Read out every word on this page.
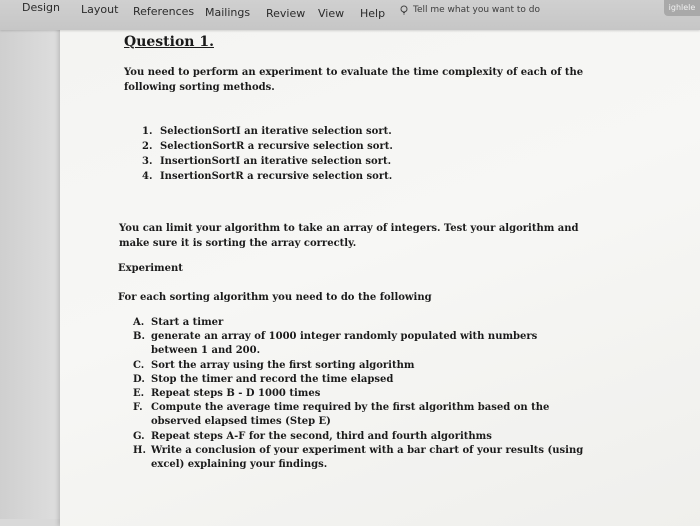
Question 1.
You need to perform an experiment to evaluate the time complexity of each of the
following sorting methods.
1. SelectionSortI an iterative selection sort.
2. SelectionSortR a recursive selection sort.
3. InsertionSortI an iterative selection sort.
4. InsertionSortR a recursive selection sort.
You can limit your algorithm to take an array of integers. Test your algorithm and
make sure it is sorting the array correctly.
Experiment
For each sorting algorithm you need to do the following
A. Start a timer
B. generate an array of 1000 integer randomly populated with numbers
between 1 and 200.
C. Sort the array using the first sorting algorithm
D. Stop the timer and record the time elapsed
E. Repeat steps B - D 1000 times
F. Compute the average time required by the first algorithm based on the
observed elapsed times (Step E)
G. Repeat steps A-F for the second, third and fourth algorithms
H. Write a conclusion of your experiment with a bar chart of your results (using
excel) explaining your findings.
Design Layout References Mailings Review View Help	Tell me what you want to do	ighlele
